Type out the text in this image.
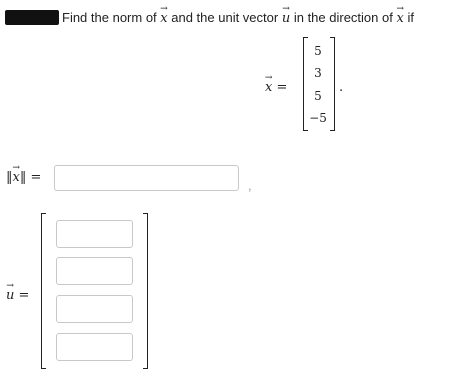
Find the norm of → x and the unit vector → u in the direction of → x if
→ x =
5
3
5
−5
.
‖→ x‖ =
,
→ u =
